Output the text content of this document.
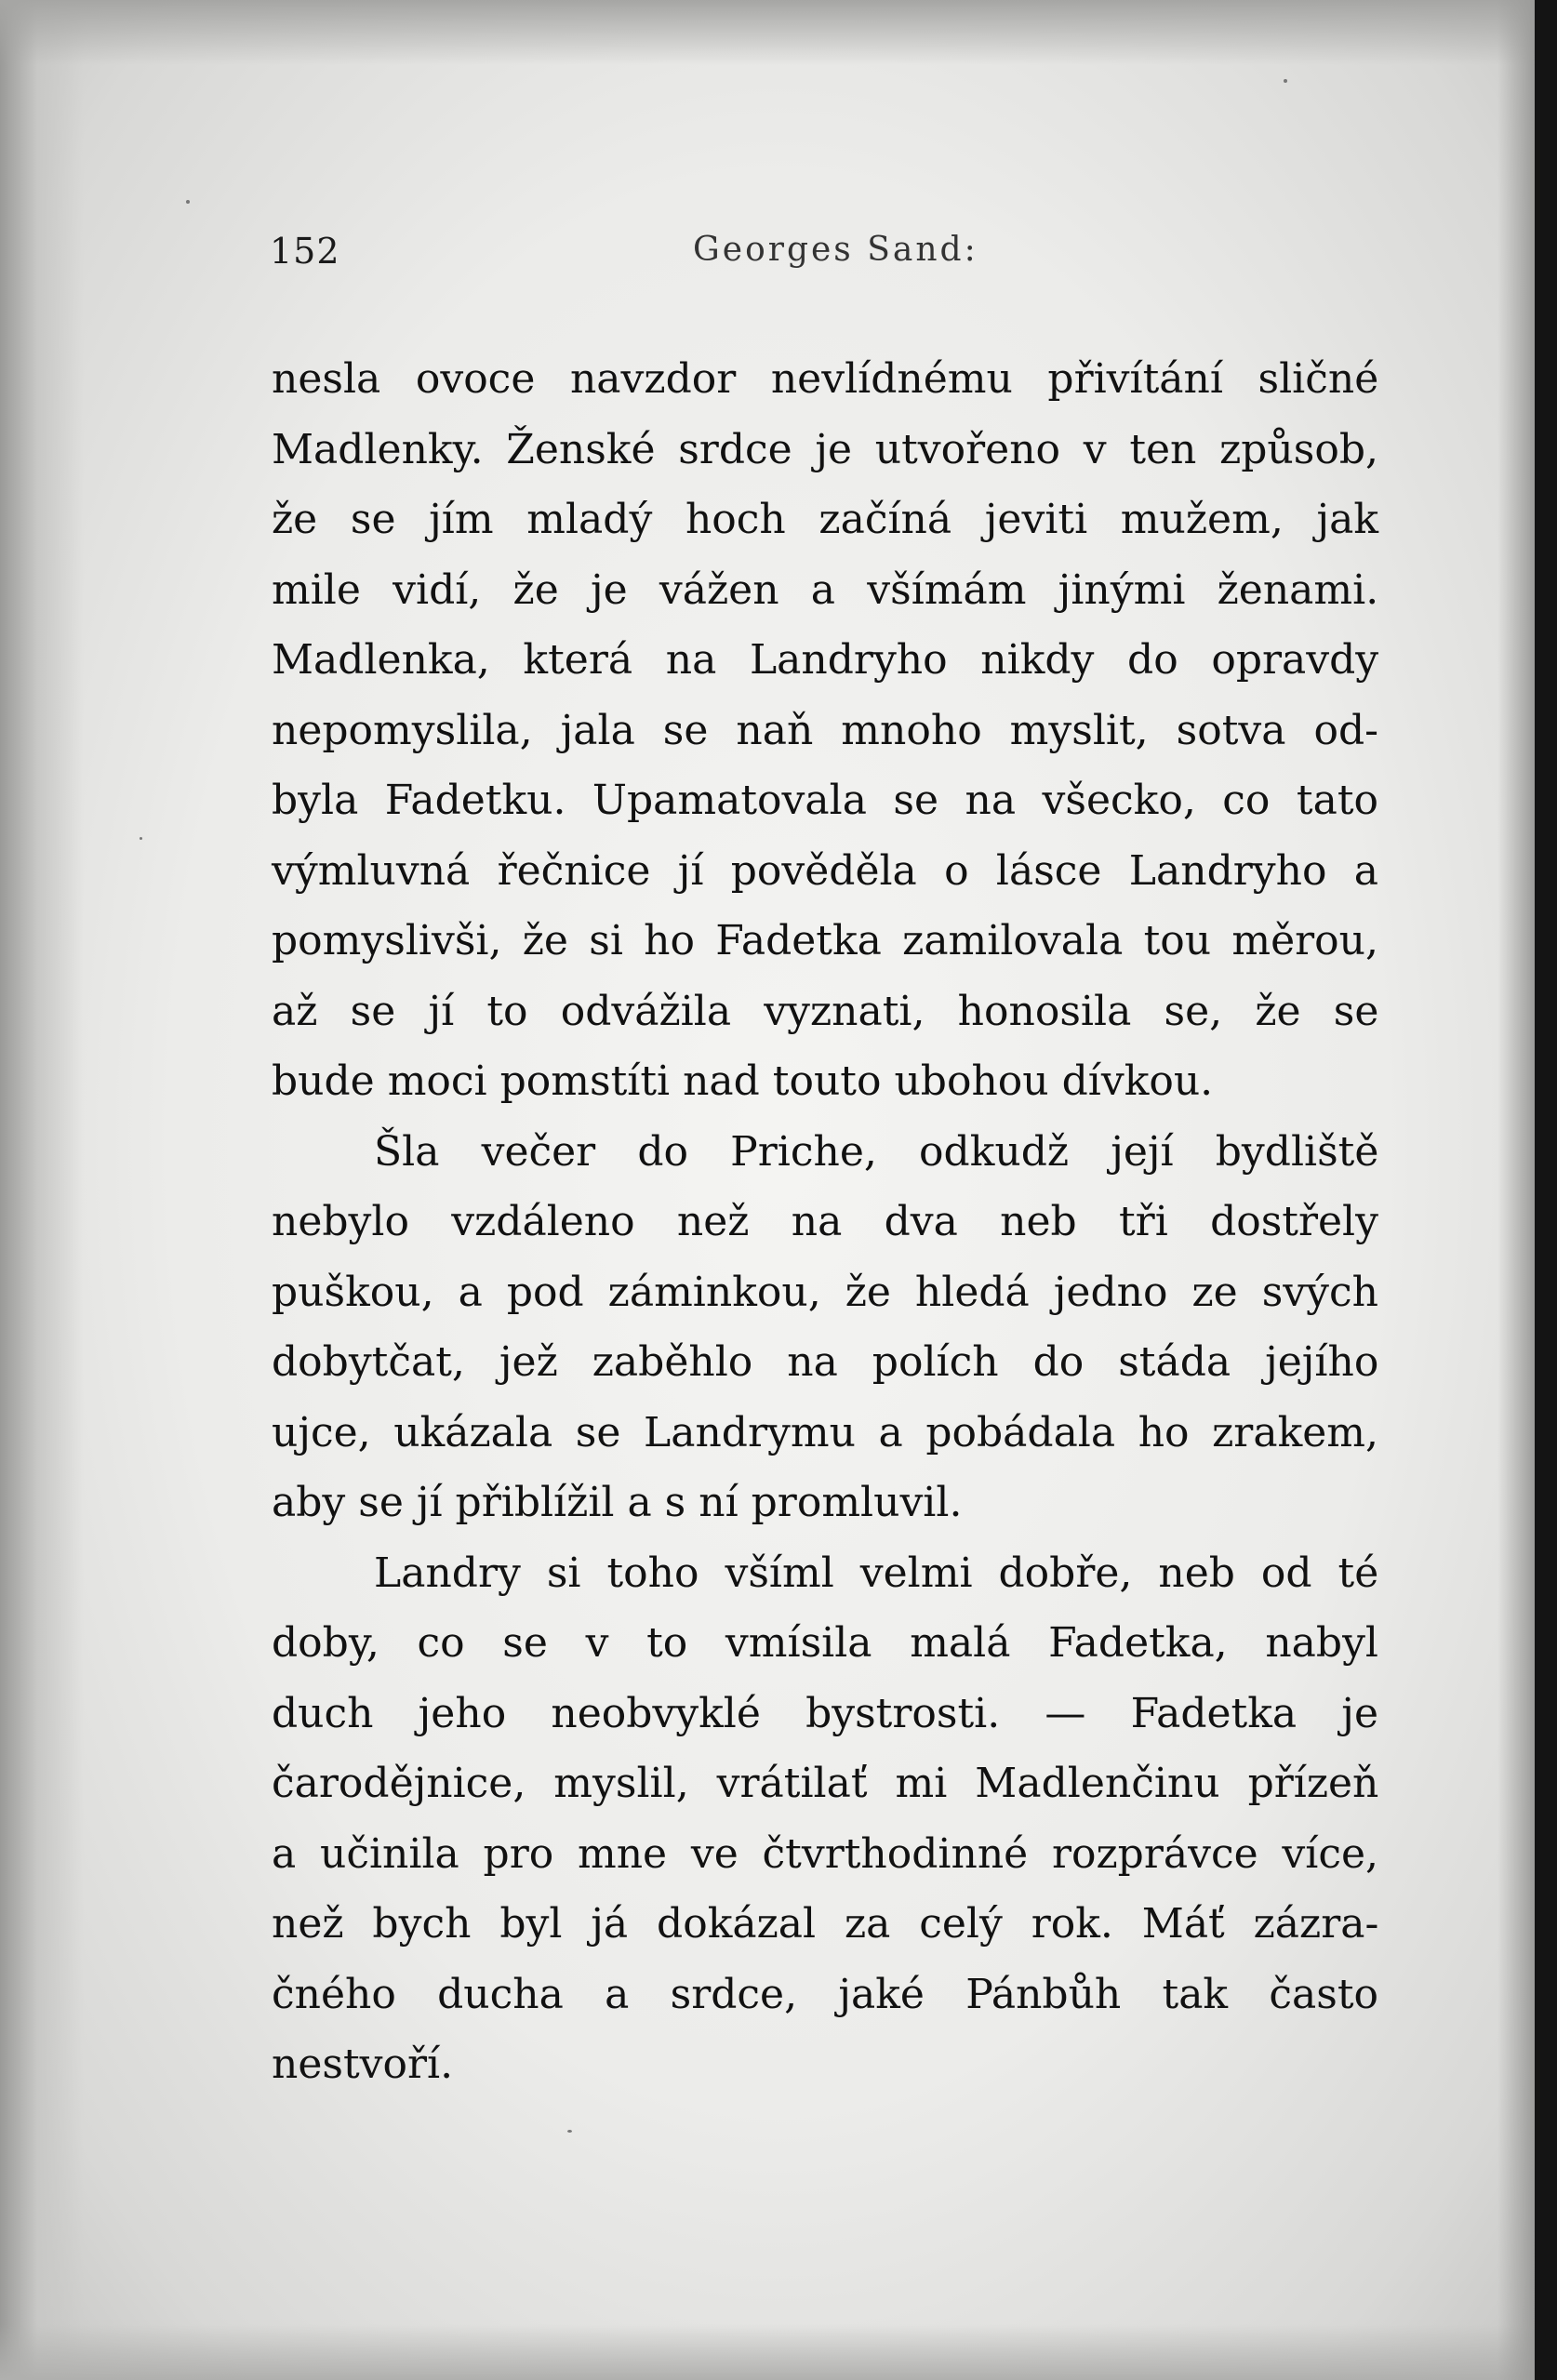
152	Georges Sand:

nesla ovoce navzdor nevlídnému přivítání sličné
Madlenky. Ženské srdce je utvořeno v ten způsob,
že se jím mladý hoch začíná jeviti mužem, jak
mile vidí, že je vážen a všímám jinými ženami.
Madlenka, která na Landryho nikdy do opravdy
nepomyslila, jala se naň mnoho myslit, sotva od-
byla Fadetku. Upamatovala se na všecko, co tato
výmluvná řečnice jí pověděla o lásce Landryho a
pomyslivši, že si ho Fadetka zamilovala tou měrou,
až se jí to odvážila vyznati, honosila se, že se
bude moci pomstíti nad touto ubohou dívkou.

Šla večer do Priche, odkudž její bydliště
nebylo vzdáleno než na dva neb tři dostřely
puškou, a pod záminkou, že hledá jedno ze svých
dobytčat, jež zaběhlo na polích do stáda jejího
ujce, ukázala se Landrymu a pobádala ho zrakem,
aby se jí přiblížil a s ní promluvil.

Landry si toho všíml velmi dobře, neb od té
doby, co se v to vmísila malá Fadetka, nabyl
duch jeho neobvyklé bystrosti. — Fadetka je
čarodějnice, myslil, vrátilať mi Madlenčinu přízeň
a učinila pro mne ve čtvrthodinné rozprávce více,
než bych byl já dokázal za celý rok. Máť zázra-
čného ducha a srdce, jaké Pánbůh tak často
nestvoří.
